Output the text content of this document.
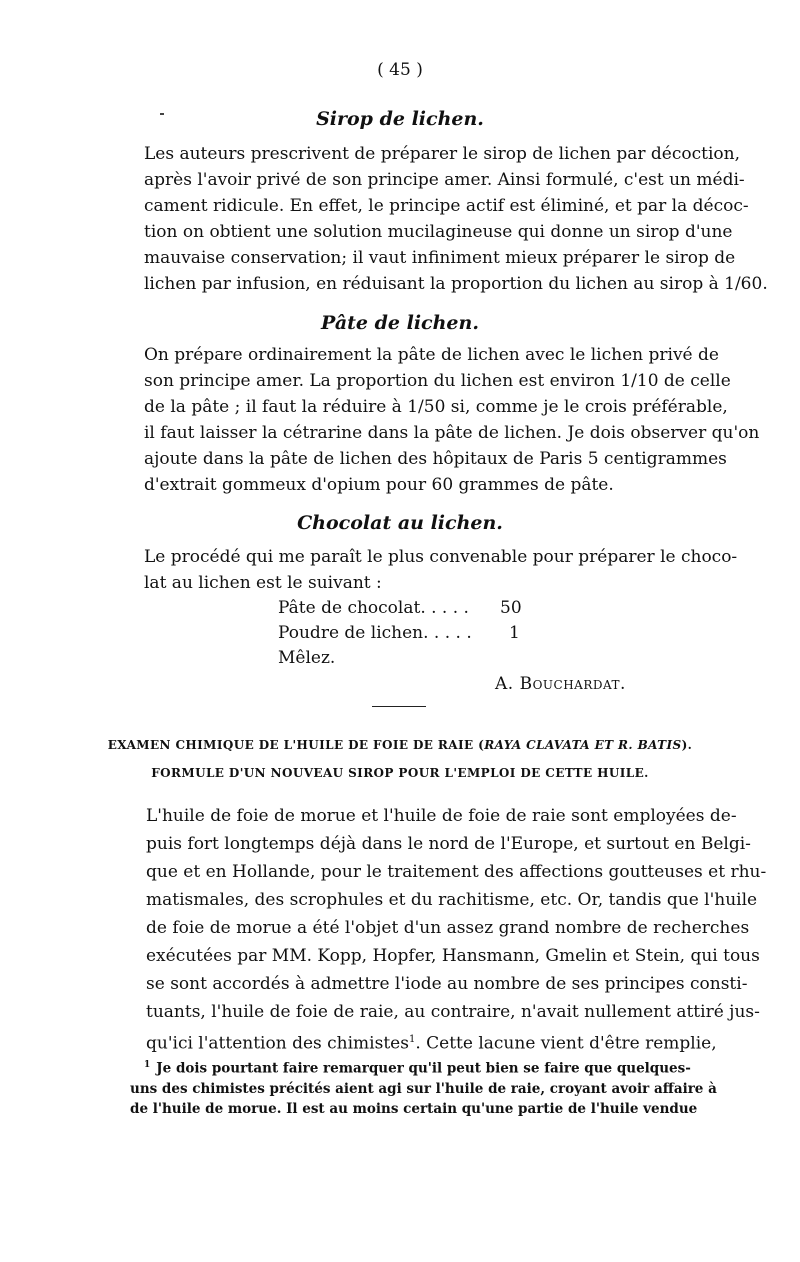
( 45 )
Sirop de lichen.
Les auteurs prescrivent de préparer le sirop de lichen par décoction,
après l'avoir privé de son principe amer. Ainsi formulé, c'est un médi-
cament ridicule. En effet, le principe actif est éliminé, et par la décoc-
tion on obtient une solution mucilagineuse qui donne un sirop d'une
mauvaise conservation; il vaut infiniment mieux préparer le sirop de
lichen par infusion, en réduisant la proportion du lichen au sirop à 1/60.
Pâte de lichen.
On prépare ordinairement la pâte de lichen avec le lichen privé de
son principe amer. La proportion du lichen est environ 1/10 de celle
de la pâte ; il faut la réduire à 1/50 si, comme je le crois préférable,
il faut laisser la cétrarine dans la pâte de lichen. Je dois observer qu'on
ajoute dans la pâte de lichen des hôpitaux de Paris 5 centigrammes
d'extrait gommeux d'opium pour 60 grammes de pâte.
Chocolat au lichen.
Le procédé qui me paraît le plus convenable pour préparer le choco-
lat au lichen est le suivant :
Pâte de chocolat. . . . . 50
Poudre de lichen. . . . . 1
Mêlez.
A. Bouchardat.
EXAMEN CHIMIQUE DE L'HUILE DE FOIE DE RAIE (RAYA CLAVATA ET R. BATIS).
FORMULE D'UN NOUVEAU SIROP POUR L'EMPLOI DE CETTE HUILE.
L'huile de foie de morue et l'huile de foie de raie sont employées de-
puis fort longtemps déjà dans le nord de l'Europe, et surtout en Belgi-
que et en Hollande, pour le traitement des affections goutteuses et rhu-
matismales, des scrophules et du rachitisme, etc. Or, tandis que l'huile
de foie de morue a été l'objet d'un assez grand nombre de recherches
exécutées par MM. Kopp, Hopfer, Hansmann, Gmelin et Stein, qui tous
se sont accordés à admettre l'iode au nombre de ses principes consti-
tuants, l'huile de foie de raie, au contraire, n'avait nullement attiré jus-
qu'ici l'attention des chimistes$^1$. Cette lacune vient d'être remplie,
$^1$ Je dois pourtant faire remarquer qu'il peut bien se faire que quelques-
uns des chimistes précités aient agi sur l'huile de raie, croyant avoir affaire à
de l'huile de morue. Il est au moins certain qu'une partie de l'huile vendue
